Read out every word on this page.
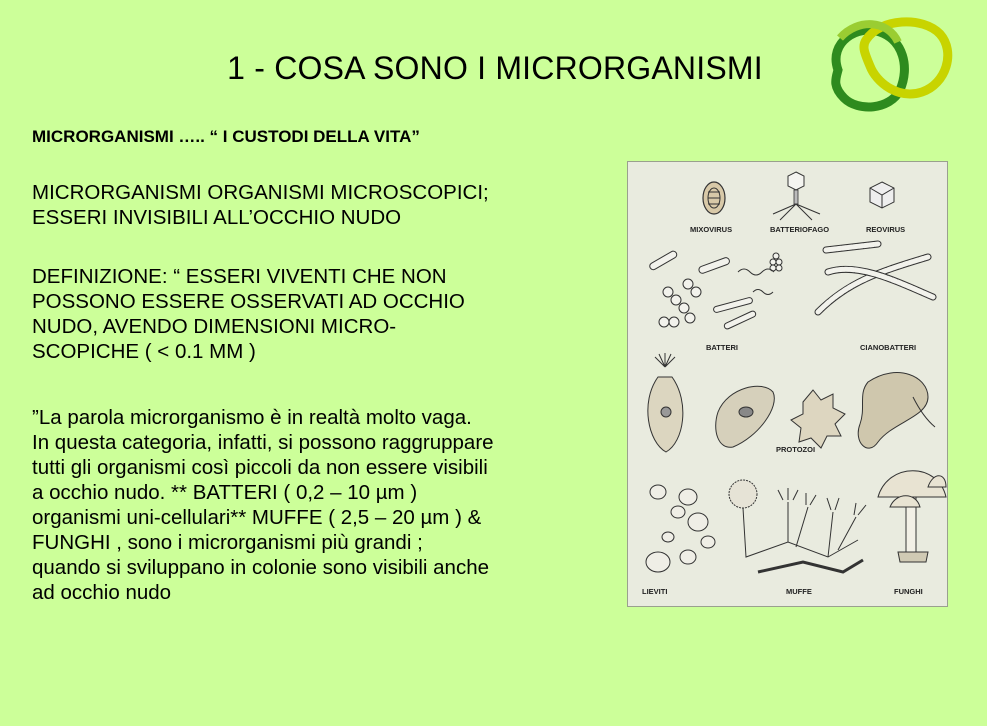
1 - COSA SONO I MICRORGANISMI
MICRORGANISMI ….. “ I CUSTODI DELLA VITA”

MICRORGANISMI ORGANISMI MICROSCOPICI;
ESSERI INVISIBILI ALL’OCCHIO NUDO

DEFINIZIONE: “ ESSERI VIVENTI CHE NON
POSSONO ESSERE OSSERVATI AD OCCHIO
NUDO, AVENDO DIMENSIONI MICRO-
SCOPICHE ( < 0.1 MM )

”La parola microrganismo è in realtà molto vaga.
In questa categoria, infatti, si possono raggruppare
tutti gli organismi così piccoli da non essere visibili
a occhio nudo. ** BATTERI ( 0,2 – 10 µm )
organismi uni-cellulari** MUFFE ( 2,5 – 20 µm ) &
FUNGHI , sono i microrganismi più grandi ;
quando si sviluppano in colonie sono visibili anche
ad occhio nudo

MIXOVIRUS	BATTERIOFAGO	REOVIRUS
BATTERI	CIANOBATTERI
PROTOZOI
LIEVITI	MUFFE	FUNGHI
